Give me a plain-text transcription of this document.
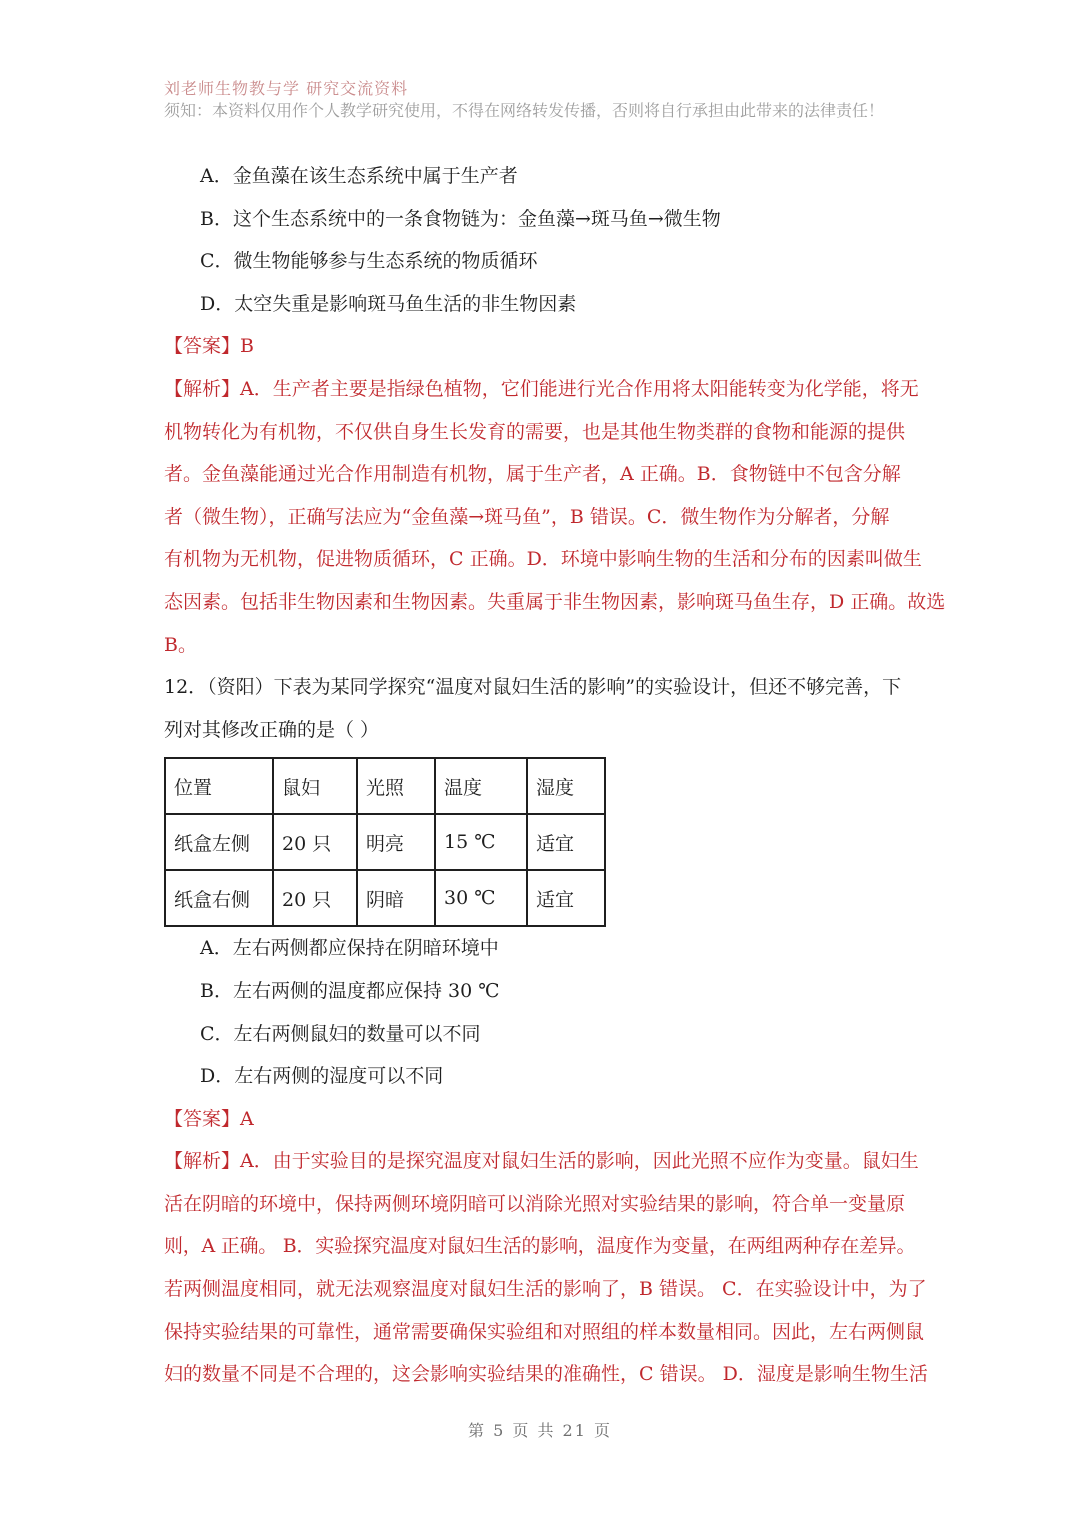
刘老师生物教与学 研究交流资料
须知：本资料仅用作个人教学研究使用，不得在网络转发传播，否则将自行承担由此带来的法律责任！
A．金鱼藻在该生态系统中属于生产者
B．这个生态系统中的一条食物链为：金鱼藻→斑马鱼→微生物
C．微生物能够参与生态系统的物质循环
D．太空失重是影响斑马鱼生活的非生物因素
【答案】B
【解析】A．生产者主要是指绿色植物，它们能进行光合作用将太阳能转变为化学能，将无
机物转化为有机物，不仅供自身生长发育的需要，也是其他生物类群的食物和能源的提供
者。金鱼藻能通过光合作用制造有机物，属于生产者，A 正确。B．食物链中不包含分解
者（微生物），正确写法应为“金鱼藻→斑马鱼”，B 错误。C．微生物作为分解者，分解
有机物为无机物，促进物质循环，C 正确。D．环境中影响生物的生活和分布的因素叫做生
态因素。包括非生物因素和生物因素。失重属于非生物因素，影响斑马鱼生存，D 正确。故选
B。
12．（资阳）下表为某同学探究“温度对鼠妇生活的影响”的实验设计，但还不够完善，下
列对其修改正确的是（ ）
位置	鼠妇	光照	温度	湿度
纸盒左侧	20 只	明亮	15 ℃	适宜
纸盒右侧	20 只	阴暗	30 ℃	适宜
A．左右两侧都应保持在阴暗环境中
B．左右两侧的温度都应保持 30 ℃
C．左右两侧鼠妇的数量可以不同
D．左右两侧的湿度可以不同
【答案】A
【解析】A．由于实验目的是探究温度对鼠妇生活的影响，因此光照不应作为变量。鼠妇生
活在阴暗的环境中，保持两侧环境阴暗可以消除光照对实验结果的影响，符合单一变量原
则，A 正确。 B．实验探究温度对鼠妇生活的影响，温度作为变量，在两组两种存在差异。
若两侧温度相同，就无法观察温度对鼠妇生活的影响了，B 错误。 C．在实验设计中，为了
保持实验结果的可靠性，通常需要确保实验组和对照组的样本数量相同。因此，左右两侧鼠
妇的数量不同是不合理的，这会影响实验结果的准确性，C 错误。 D．湿度是影响生物生活
第 5 页 共 21 页
